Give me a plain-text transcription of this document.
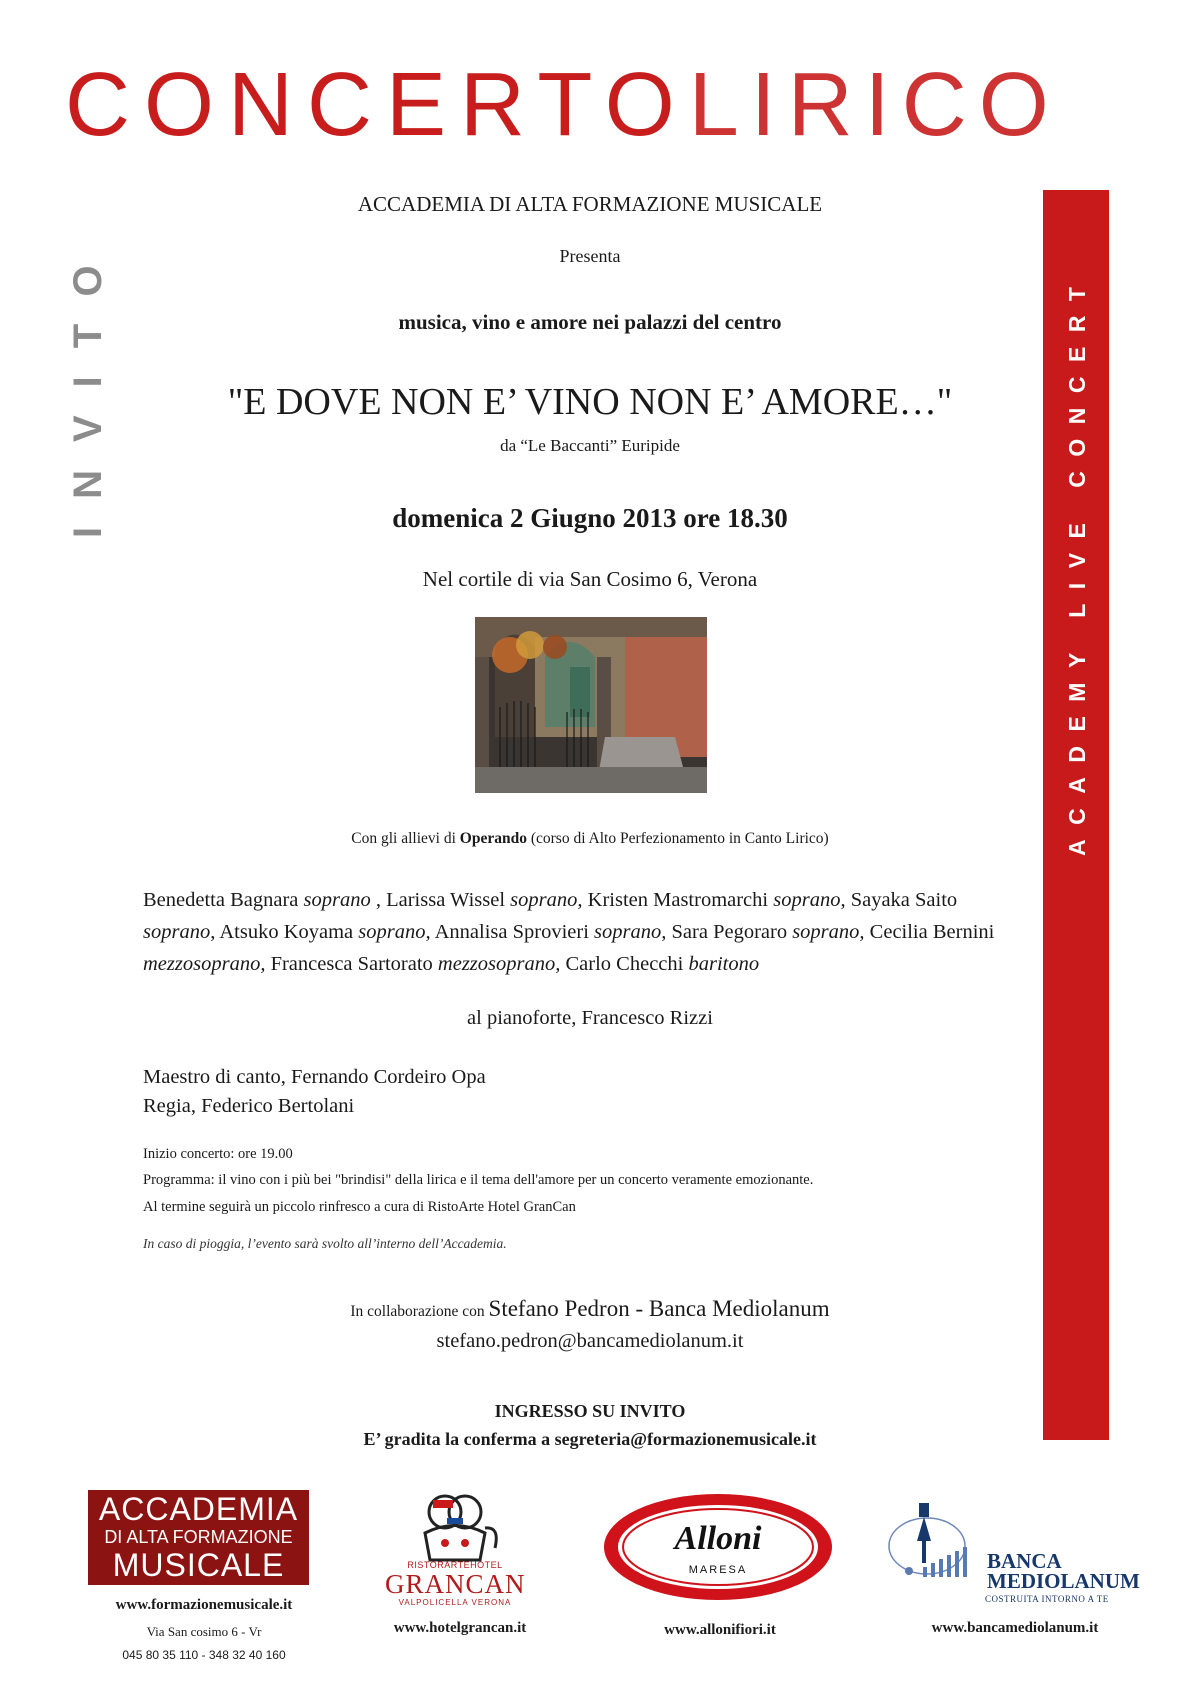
CONCERTOLIRICO
INVITO	ACADEMY LIVE CONCERT
ACCADEMIA DI ALTA FORMAZIONE MUSICALE
Presenta
musica, vino e amore nei palazzi del centro
"E DOVE NON E’ VINO NON E’ AMORE…"
da “Le Baccanti” Euripide
domenica 2 Giugno 2013 ore 18.30
Nel cortile di via San Cosimo 6, Verona
Con gli allievi di Operando (corso di Alto Perfezionamento in Canto Lirico)
Benedetta Bagnara soprano , Larissa Wissel soprano, Kristen Mastromarchi soprano, Sayaka Saito soprano, Atsuko Koyama soprano, Annalisa Sprovieri soprano, Sara Pegoraro soprano, Cecilia Bernini mezzosoprano, Francesca Sartorato mezzosoprano, Carlo Checchi baritono
al pianoforte, Francesco Rizzi
Maestro di canto, Fernando Cordeiro Opa
Regia, Federico Bertolani
Inizio concerto: ore 19.00
Programma: il vino con i più bei "brindisi" della lirica e il tema dell'amore per un concerto veramente emozionante.
Al termine seguirà un piccolo rinfresco a cura di RistoArte Hotel GranCan
In caso di pioggia, l’evento sarà svolto all’interno dell’Accademia.
In collaborazione con Stefano Pedron - Banca Mediolanum
stefano.pedron@bancamediolanum.it
INGRESSO SU INVITO
E’ gradita la conferma a segreteria@formazionemusicale.it
ACCADEMIA
DI ALTA FORMAZIONE
MUSICALE	RISTORARTEHOTEL
GRANCAN
VALPOLICELLA VERONA
Alloni
MARESA	BANCA
MEDIOLANUM
COSTRUITA INTORNO A TE
www.formazionemusicale.it
Via San cosimo 6 - Vr
045 80 35 110 - 348 32 40 160
www.hotelgrancan.it	www.allonifiori.it	www.bancamediolanum.it
